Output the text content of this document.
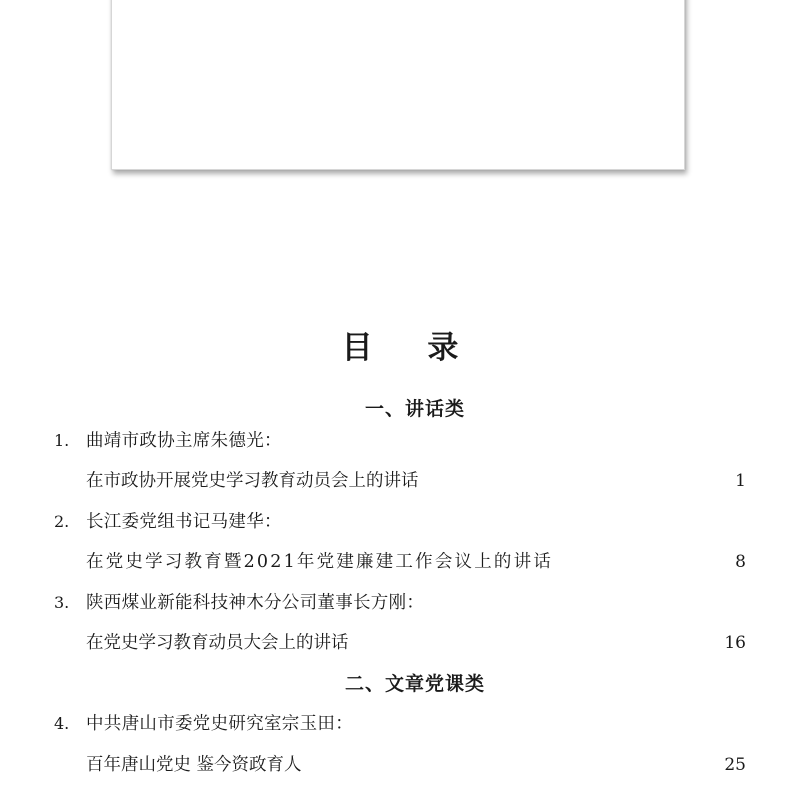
目 录
一、讲话类
1. 曲靖市政协主席朱德光：
在市政协开展党史学习教育动员会上的讲话	1
2. 长江委党组书记马建华：
在党史学习教育暨2021年党建廉建工作会议上的讲话	8
3. 陕西煤业新能科技神木分公司董事长方刚：
在党史学习教育动员大会上的讲话	16
二、文章党课类
4. 中共唐山市委党史研究室宗玉田：
百年唐山党史 鉴今资政育人	25
